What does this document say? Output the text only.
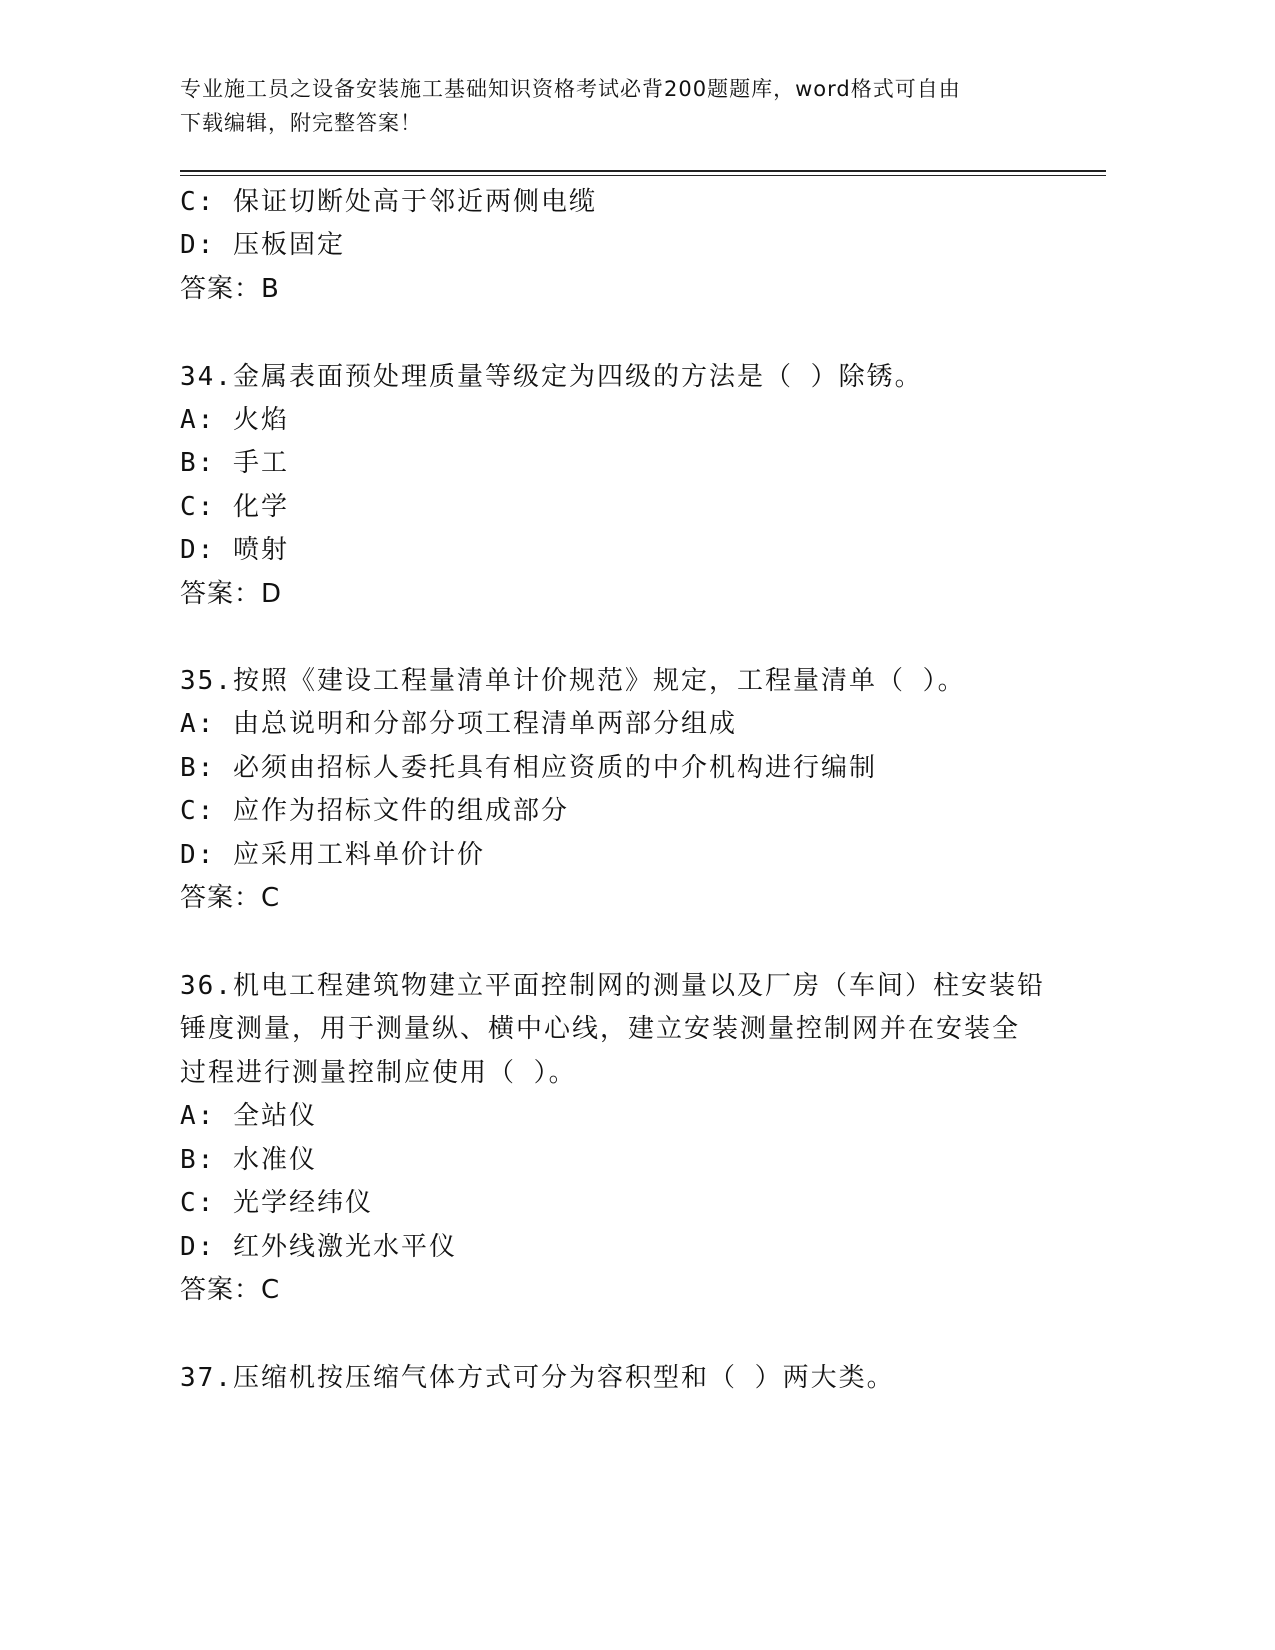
专业施工员之设备安装施工基础知识资格考试必背200题题库，word格式可自由
下载编辑，附完整答案！
C: 保证切断处高于邻近两侧电缆
D: 压板固定
答案：B
34.金属表面预处理质量等级定为四级的方法是（ ）除锈。
A: 火焰
B: 手工
C: 化学
D: 喷射
答案：D
35.按照《建设工程量清单计价规范》规定，工程量清单（ ）。
A: 由总说明和分部分项工程清单两部分组成
B: 必须由招标人委托具有相应资质的中介机构进行编制
C: 应作为招标文件的组成部分
D: 应采用工料单价计价
答案：C
36.机电工程建筑物建立平面控制网的测量以及厂房（车间）柱安装铅
锤度测量，用于测量纵、横中心线，建立安装测量控制网并在安装全
过程进行测量控制应使用（ ）。
A: 全站仪
B: 水准仪
C: 光学经纬仪
D: 红外线激光水平仪
答案：C
37.压缩机按压缩气体方式可分为容积型和（ ）两大类。
